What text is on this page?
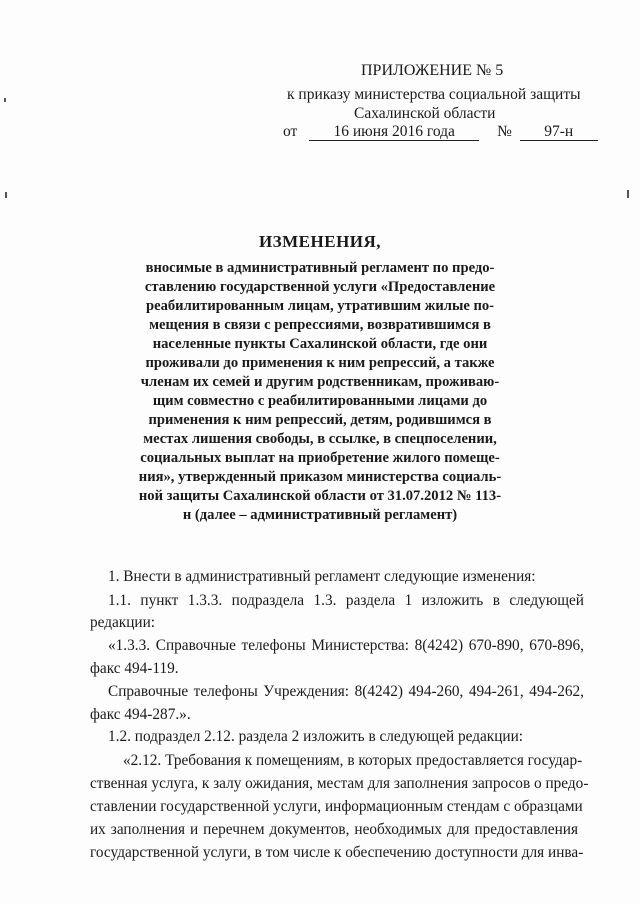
ПРИЛОЖЕНИЕ № 5
к приказу министерства социальной защиты
Сахалинской области
от 16 июня 2016 года	№ 97-н
ИЗМЕНЕНИЯ,
вносимые в административный регламент по предо-
ставлению государственной услуги «Предоставление
реабилитированным лицам, утратившим жилые по-
мещения в связи с репрессиями, возвратившимся в
населенные пункты Сахалинской области, где они
проживали до применения к ним репрессий, а также
членам их семей и другим родственникам, проживаю-
щим совместно с реабилитированными лицами до
применения к ним репрессий, детям, родившимся в
местах лишения свободы, в ссылке, в спецпоселении,
социальных выплат на приобретение жилого помеще-
ния», утвержденный приказом министерства социаль-
ной защиты Сахалинской области от 31.07.2012 № 113-
н (далее – административный регламент)
1. Внести в административный регламент следующие изменения:
1.1. пункт 1.3.3. подраздела 1.3. раздела 1 изложить в следующей
редакции:
«1.3.3. Справочные телефоны Министерства: 8(4242) 670-890, 670-896,
факс 494-119.
Справочные телефоны Учреждения: 8(4242) 494-260, 494-261, 494-262,
факс 494-287.».
1.2. подраздел 2.12. раздела 2 изложить в следующей редакции:
«2.12. Требования к помещениям, в которых предоставляется государ-
ственная услуга, к залу ожидания, местам для заполнения запросов о предо-
ставлении государственной услуги, информационным стендам с образцами
их заполнения и перечнем документов, необходимых для предоставления
государственной услуги, в том числе к обеспечению доступности для инва-
